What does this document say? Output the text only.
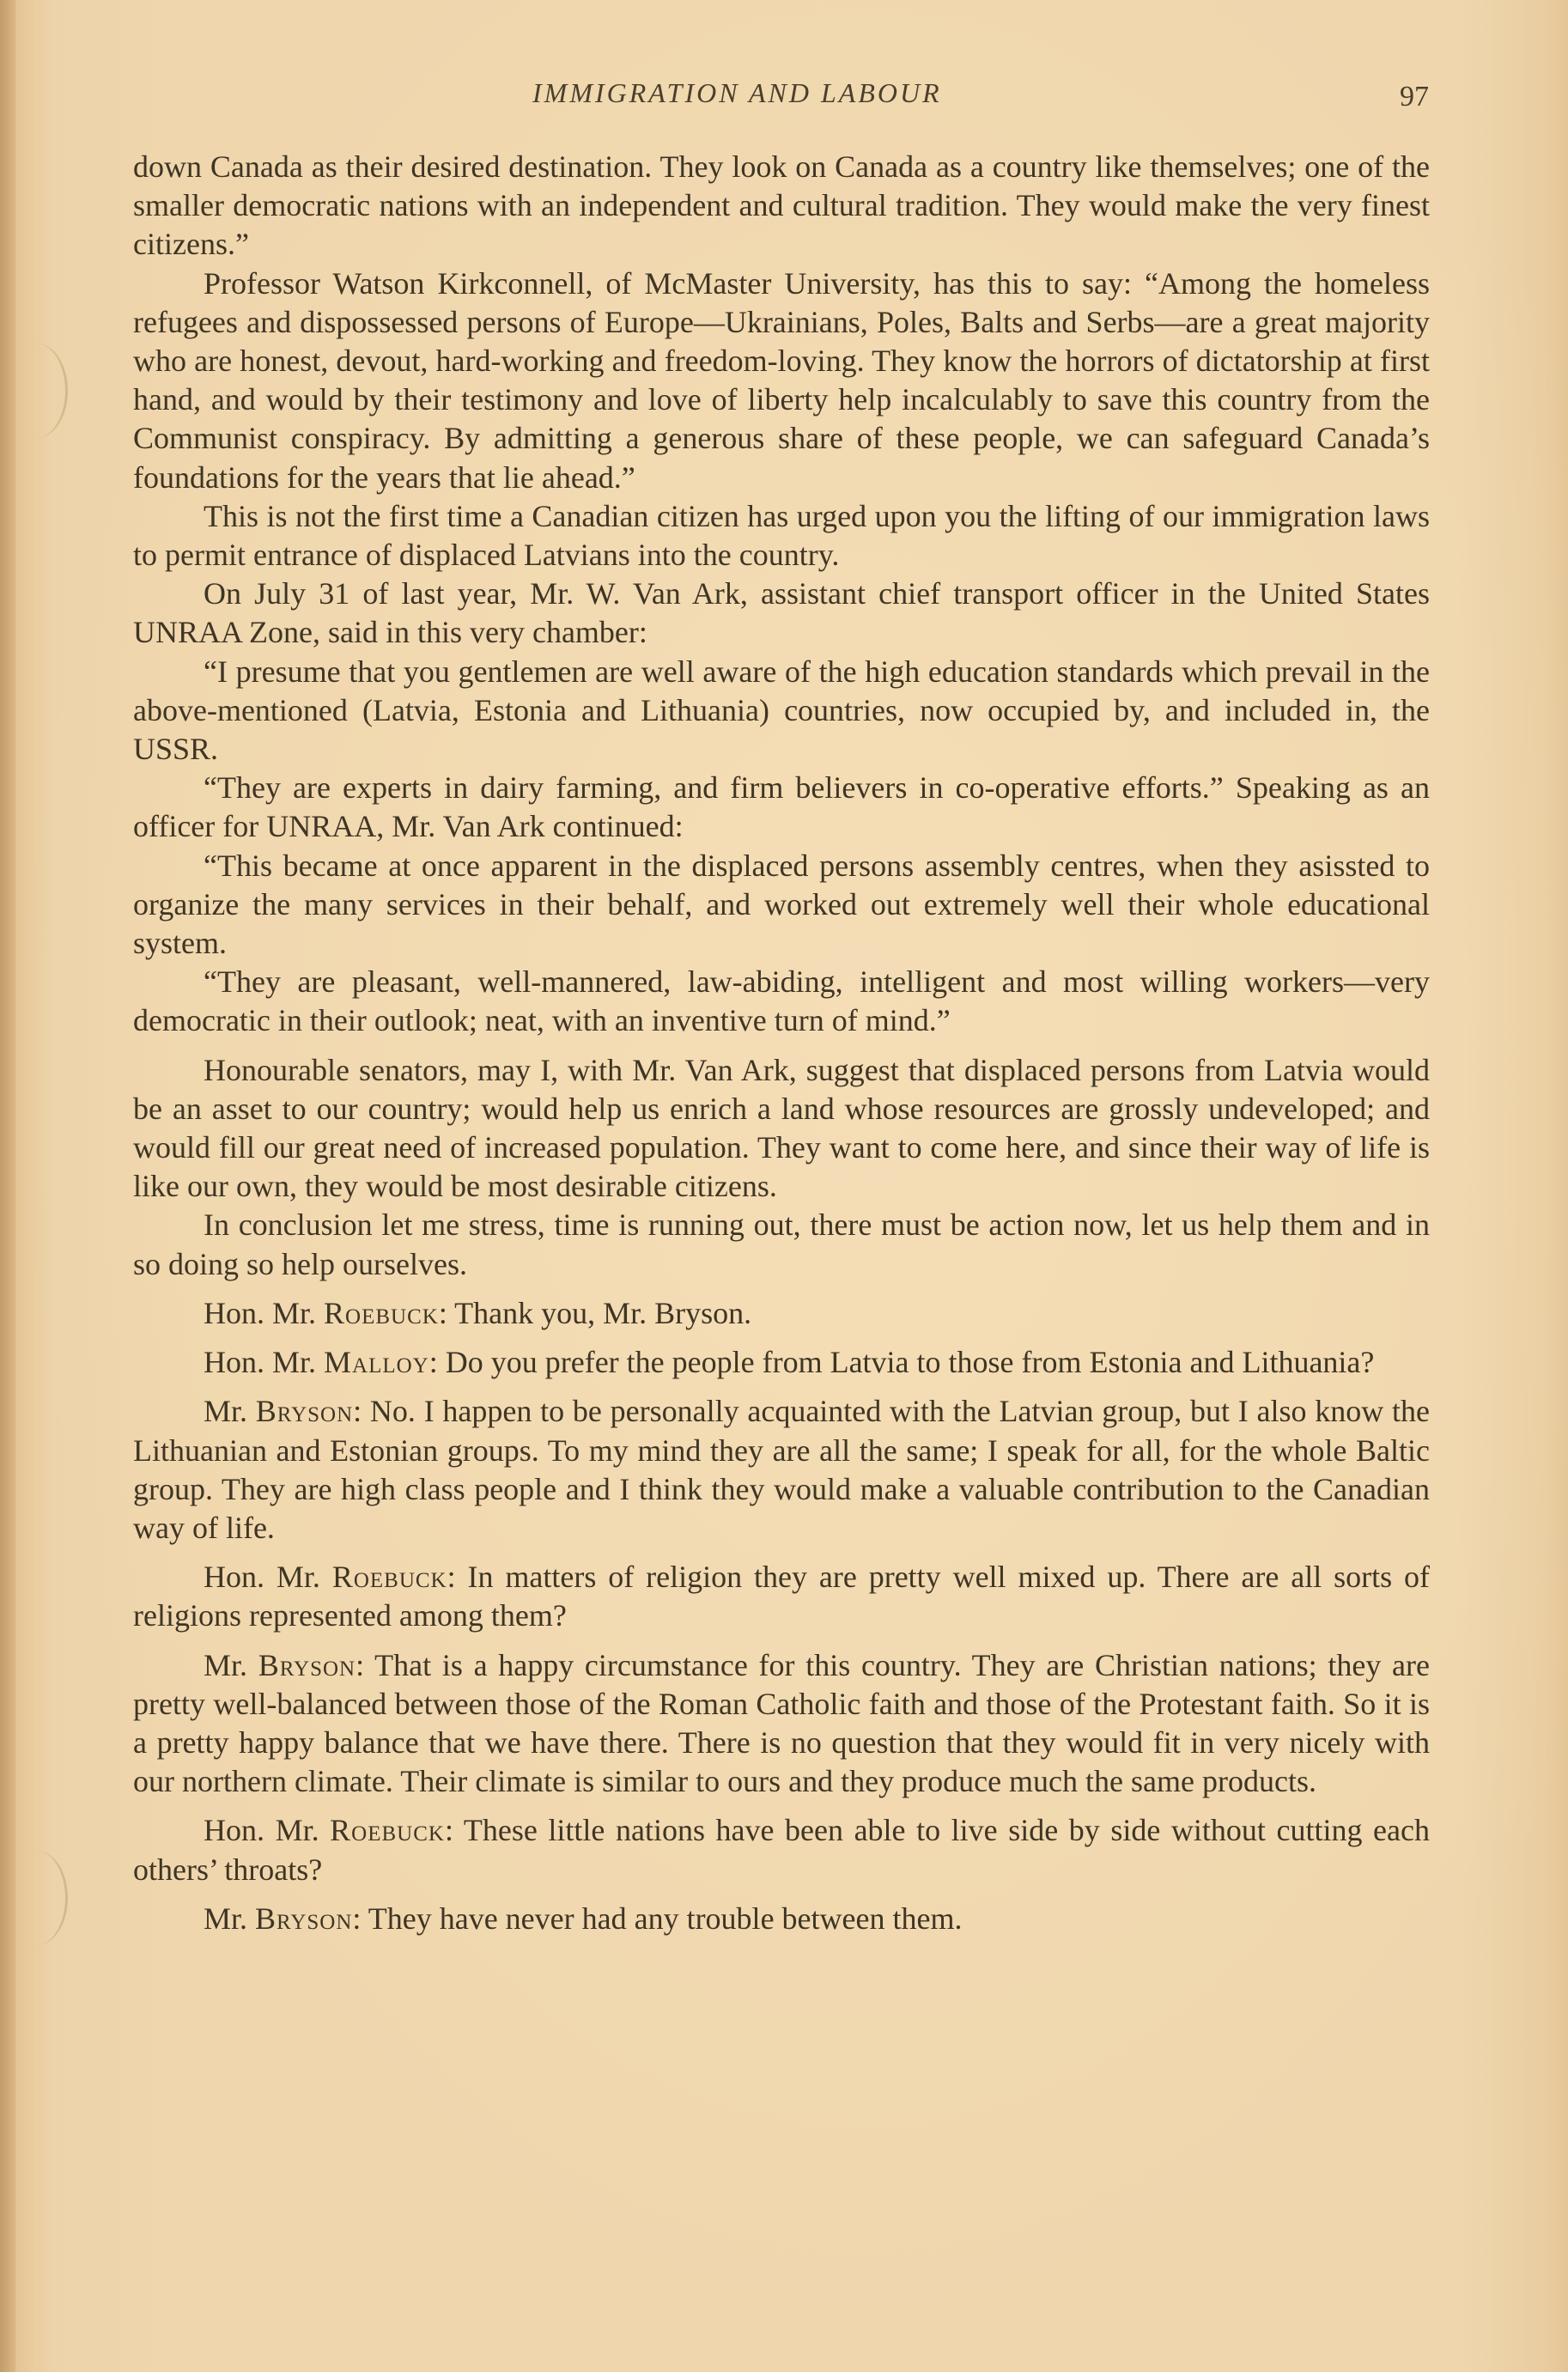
IMMIGRATION AND LABOUR	97

down Canada as their desired destination. They look on Canada as a country like themselves; one of the smaller democratic nations with an independent and cultural tradition. They would make the very finest citizens.”

Professor Watson Kirkconnell, of McMaster University, has this to say: “Among the homeless refugees and dispossessed persons of Europe—Ukrainians, Poles, Balts and Serbs—are a great majority who are honest, devout, hard-working and freedom-loving. They know the horrors of dictatorship at first hand, and would by their testimony and love of liberty help incalculably to save this country from the Communist conspiracy. By admitting a generous share of these people, we can safeguard Canada’s foundations for the years that lie ahead.”

This is not the first time a Canadian citizen has urged upon you the lifting of our immigration laws to permit entrance of displaced Latvians into the country.

On July 31 of last year, Mr. W. Van Ark, assistant chief transport officer in the United States UNRAA Zone, said in this very chamber:

“I presume that you gentlemen are well aware of the high education standards which prevail in the above-mentioned (Latvia, Estonia and Lithuania) countries, now occupied by, and included in, the USSR.

“They are experts in dairy farming, and firm believers in co-operative efforts.” Speaking as an officer for UNRAA, Mr. Van Ark continued:

“This became at once apparent in the displaced persons assembly centres, when they asissted to organize the many services in their behalf, and worked out extremely well their whole educational system.

“They are pleasant, well-mannered, law-abiding, intelligent and most willing workers—very democratic in their outlook; neat, with an inventive turn of mind.”

Honourable senators, may I, with Mr. Van Ark, suggest that displaced persons from Latvia would be an asset to our country; would help us enrich a land whose resources are grossly undeveloped; and would fill our great need of increased population. They want to come here, and since their way of life is like our own, they would be most desirable citizens.

In conclusion let me stress, time is running out, there must be action now, let us help them and in so doing so help ourselves.

Hon. Mr. Roebuck: Thank you, Mr. Bryson.

Hon. Mr. Malloy: Do you prefer the people from Latvia to those from Estonia and Lithuania?

Mr. Bryson: No. I happen to be personally acquainted with the Latvian group, but I also know the Lithuanian and Estonian groups. To my mind they are all the same; I speak for all, for the whole Baltic group. They are high class people and I think they would make a valuable contribution to the Canadian way of life.

Hon. Mr. Roebuck: In matters of religion they are pretty well mixed up. There are all sorts of religions represented among them?

Mr. Bryson: That is a happy circumstance for this country. They are Christian nations; they are pretty well-balanced between those of the Roman Catholic faith and those of the Protestant faith. So it is a pretty happy balance that we have there. There is no question that they would fit in very nicely with our northern climate. Their climate is similar to ours and they produce much the same products.

Hon. Mr. Roebuck: These little nations have been able to live side by side without cutting each others’ throats?

Mr. Bryson: They have never had any trouble between them.
